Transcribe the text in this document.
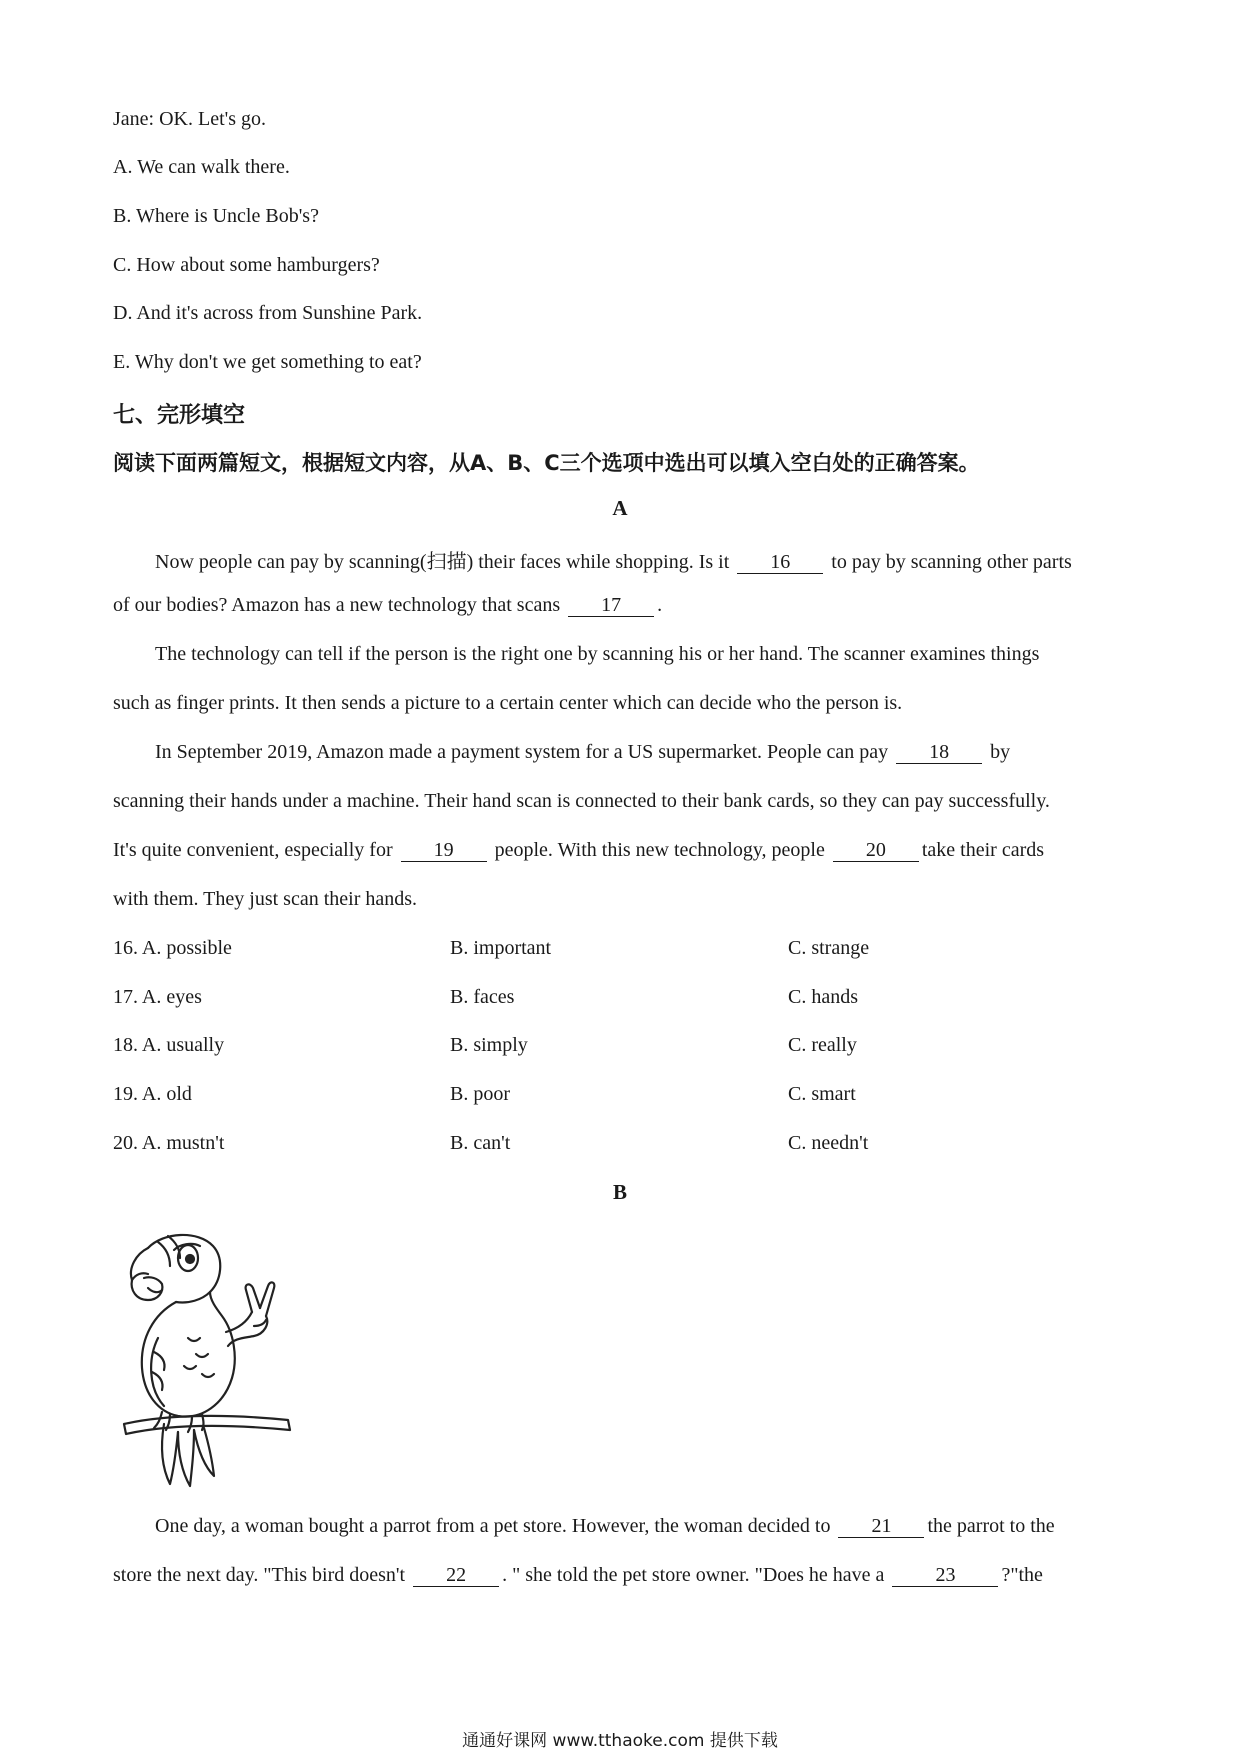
Jane: OK. Let's go.
A. We can walk there.
B. Where is Uncle Bob's?
C. How about some hamburgers?
D. And it's across from Sunshine Park.
E. Why don't we get something to eat?
七、完形填空
阅读下面两篇短文，根据短文内容，从A、B、C三个选项中选出可以填入空白处的正确答案。
A
Now people can pay by scanning(扫描) their faces while shopping. Is it 16 to pay by scanning other parts
of our bodies? Amazon has a new technology that scans 17 .
The technology can tell if the person is the right one by scanning his or her hand. The scanner examines things
such as finger prints. It then sends a picture to a certain center which can decide who the person is.
In September 2019, Amazon made a payment system for a US supermarket. People can pay 18 by
scanning their hands under a machine. Their hand scan is connected to their bank cards, so they can pay successfully.
It's quite convenient, especially for 19 people. With this new technology, people 20 take their cards
with them. They just scan their hands.
16. A. possible	B. important	C. strange
17. A. eyes	B. faces	C. hands
18. A. usually	B. simply	C. really
19. A. old	B. poor	C. smart
20. A. mustn't	B. can't	C. needn't
B
One day, a woman bought a parrot from a pet store. However, the woman decided to 21 the parrot to the
store the next day. "This bird doesn't 22 . " she told the pet store owner. "Does he have a	23 ?"the
通通好课网 www.tthaoke.com 提供下载
